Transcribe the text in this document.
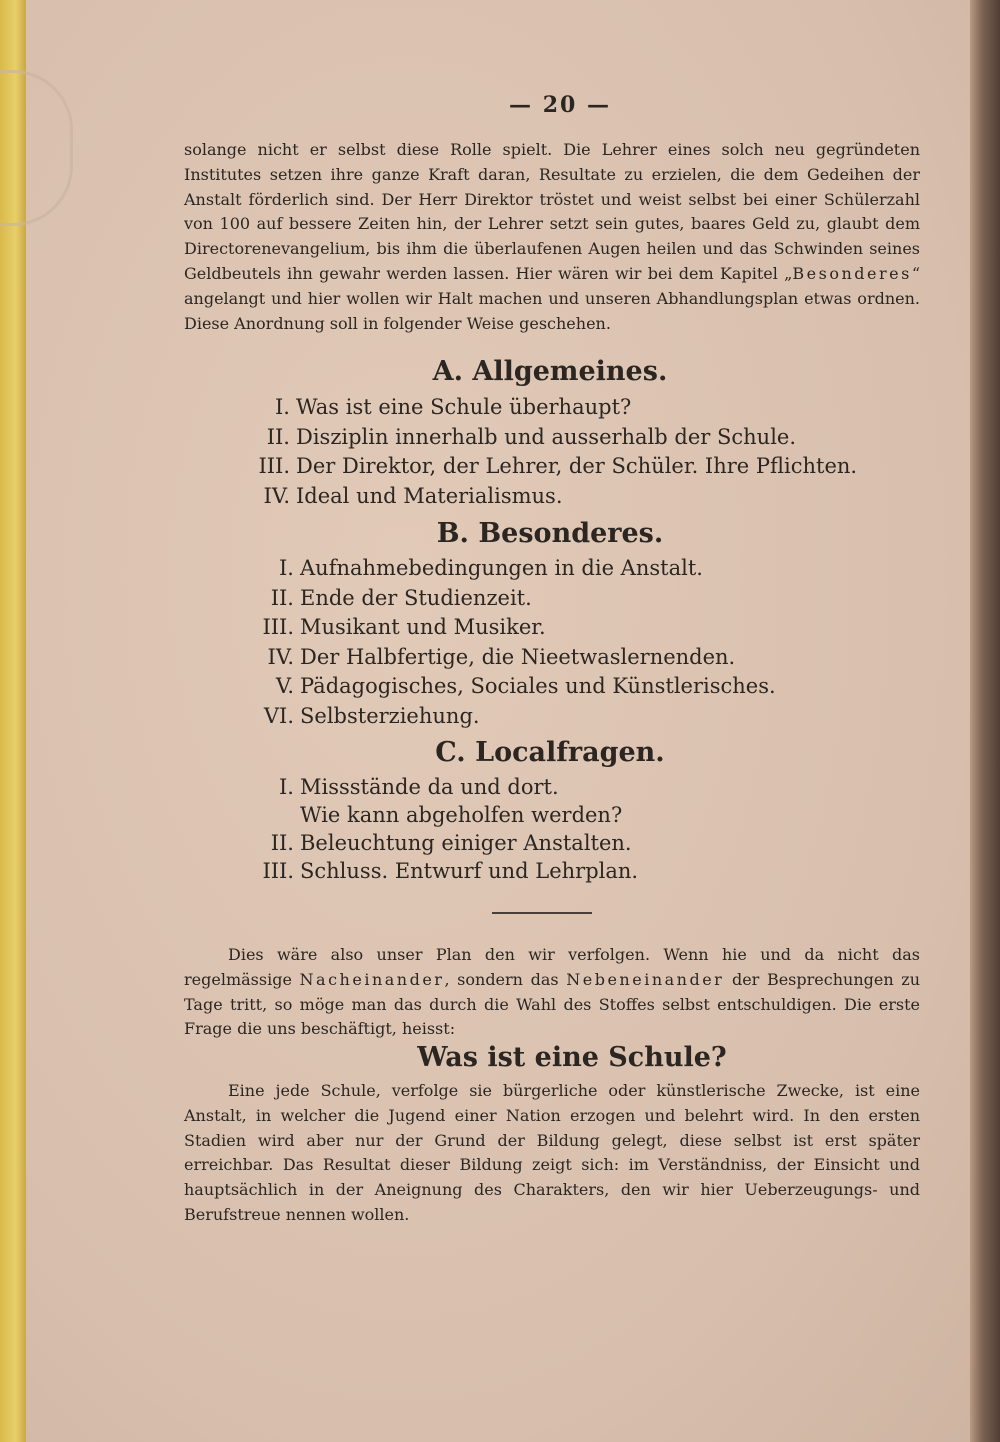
— 20 —

solange nicht er selbst diese Rolle spielt. Die Lehrer eines solch neu gegründeten Institutes setzen ihre ganze Kraft daran, Resultate zu erzielen, die dem Gedeihen der Anstalt förderlich sind. Der Herr Direktor tröstet und weist selbst bei einer Schülerzahl von 100 auf bessere Zeiten hin, der Lehrer setzt sein gutes, baares Geld zu, glaubt dem Directorenevangelium, bis ihm die überlaufenen Augen heilen und das Schwinden seines Geldbeutels ihn gewahr werden lassen. Hier wären wir bei dem Kapitel „Besonderes“ angelangt und hier wollen wir Halt machen und unseren Abhandlungsplan etwas ordnen. Diese Anordnung soll in folgender Weise geschehen.

A. Allgemeines.
I. Was ist eine Schule überhaupt?
II. Disziplin innerhalb und ausserhalb der Schule.
III. Der Direktor, der Lehrer, der Schüler. Ihre Pflichten.
IV. Ideal und Materialismus.
B. Besonderes.
I. Aufnahmebedingungen in die Anstalt.
II. Ende der Studienzeit.
III. Musikant und Musiker.
IV. Der Halbfertige, die Nieetwaslernenden.
V. Pädagogisches, Sociales und Künstlerisches.
VI. Selbsterziehung.
C. Localfragen.
I. Missstände da und dort.
Wie kann abgeholfen werden?
II. Beleuchtung einiger Anstalten.
III. Schluss. Entwurf und Lehrplan.

Dies wäre also unser Plan den wir verfolgen. Wenn hie und da nicht das regelmässige Nacheinander, sondern das Nebeneinander der Besprechungen zu Tage tritt, so möge man das durch die Wahl des Stoffes selbst entschuldigen. Die erste Frage die uns beschäftigt, heisst:

Was ist eine Schule?

Eine jede Schule, verfolge sie bürgerliche oder künstlerische Zwecke, ist eine Anstalt, in welcher die Jugend einer Nation erzogen und belehrt wird. In den ersten Stadien wird aber nur der Grund der Bildung gelegt, diese selbst ist erst später erreichbar. Das Resultat dieser Bildung zeigt sich: im Verständniss, der Einsicht und hauptsächlich in der Aneignung des Charakters, den wir hier Ueberzeugungs- und Berufstreue nennen wollen.
